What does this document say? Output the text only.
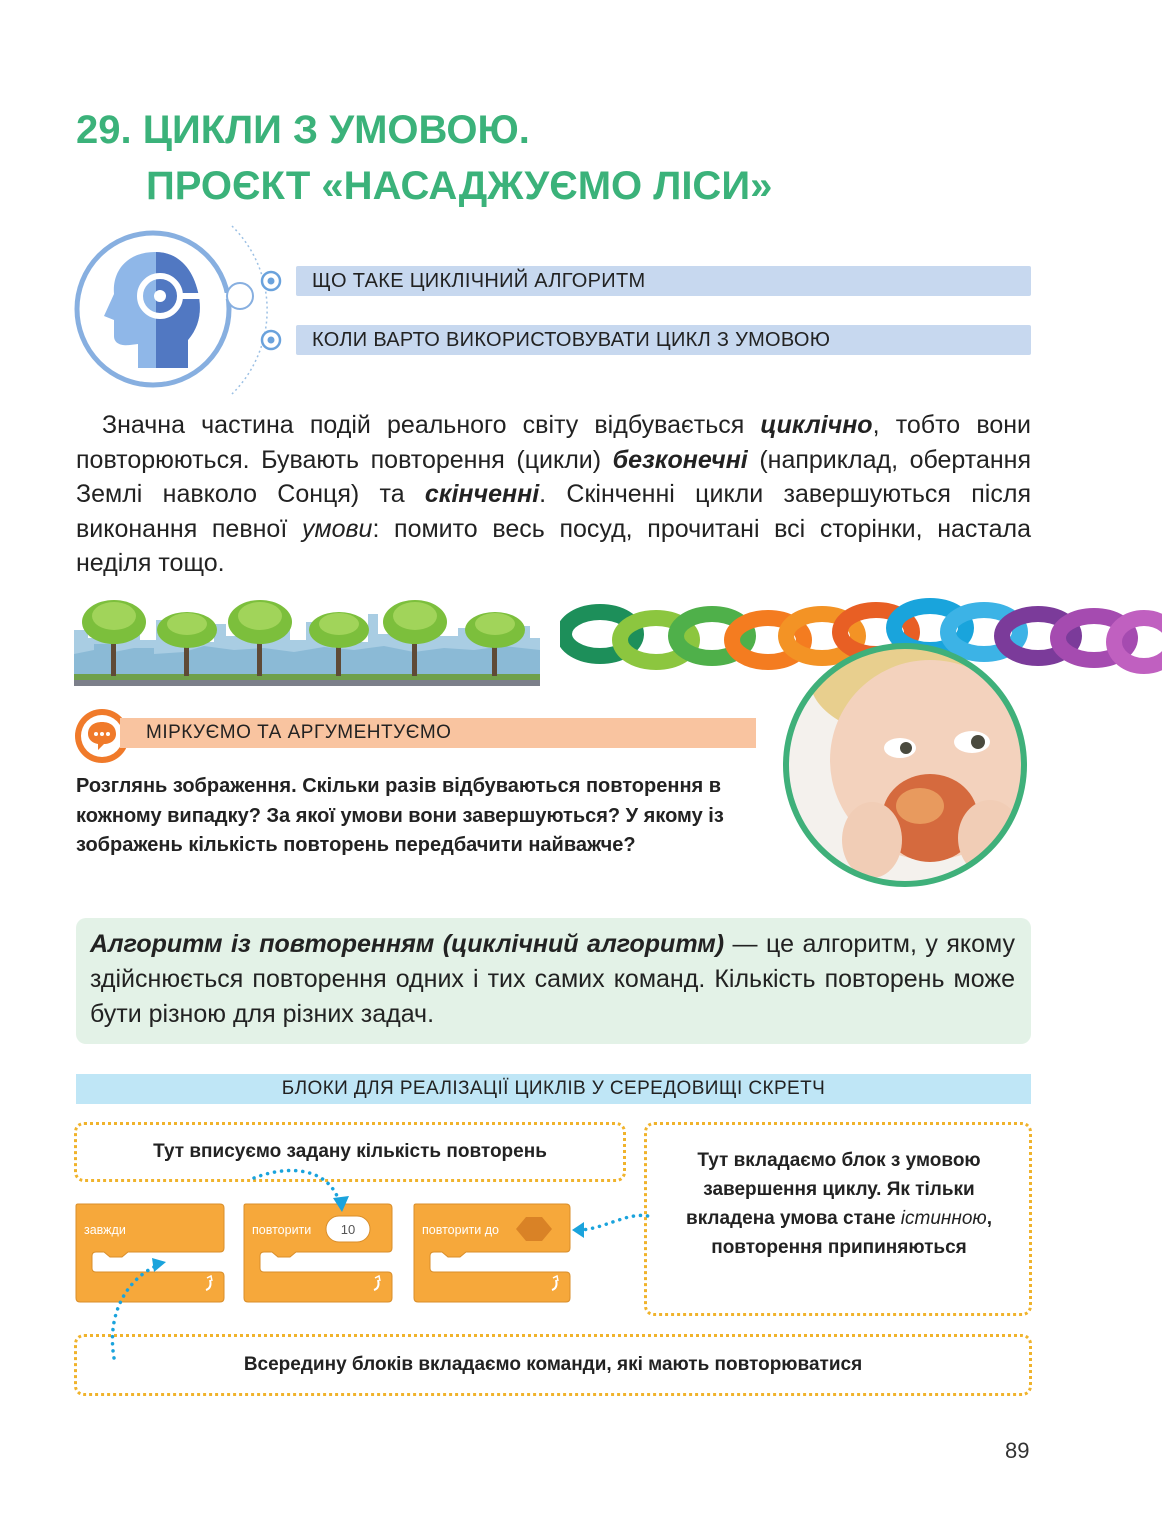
29. ЦИКЛИ З УМОВОЮ.
ПРОЄКТ «НАСАДЖУЄМО ЛІСИ»
ЩО ТАКЕ ЦИКЛІЧНИЙ АЛГОРИТМ
КОЛИ ВАРТО ВИКОРИСТОВУВАТИ ЦИКЛ З УМОВОЮ
Значна частина подій реального світу відбувається циклічно, тобто вони повторюються. Бувають повторення (цикли) безконечні (наприклад, обертання Землі навколо Сонця) та скінченні. Скінченні цикли завершуються після виконання певної умови: помито весь посуд, прочитані всі сторінки, настала неділя тощо.
МІРКУЄМО ТА АРГУМЕНТУЄМО
Розглянь зображення. Скільки разів відбуваються повторення в кожному випадку? За якої умови вони завершуються? У якому із зображень кількість повторень передбачити найважче?
Алгоритм із повторенням (циклічний алгоритм) — це алгоритм, у якому здійснюється повторення одних і тих самих команд. Кількість повторень може бути різною для різних задач.
БЛОКИ ДЛЯ РЕАЛІЗАЦІЇ ЦИКЛІВ У СЕРЕДОВИЩІ СКРЕТЧ
Тут вписуємо задану кількість повторень	Тут вкладаємо блок з умовою завершення циклу. Як тільки вкладена умова стане істинною, повторення припиняються
Всередину блоків вкладаємо команди, які мають повторюватися
завжди	повторити 10	повторити до
89
